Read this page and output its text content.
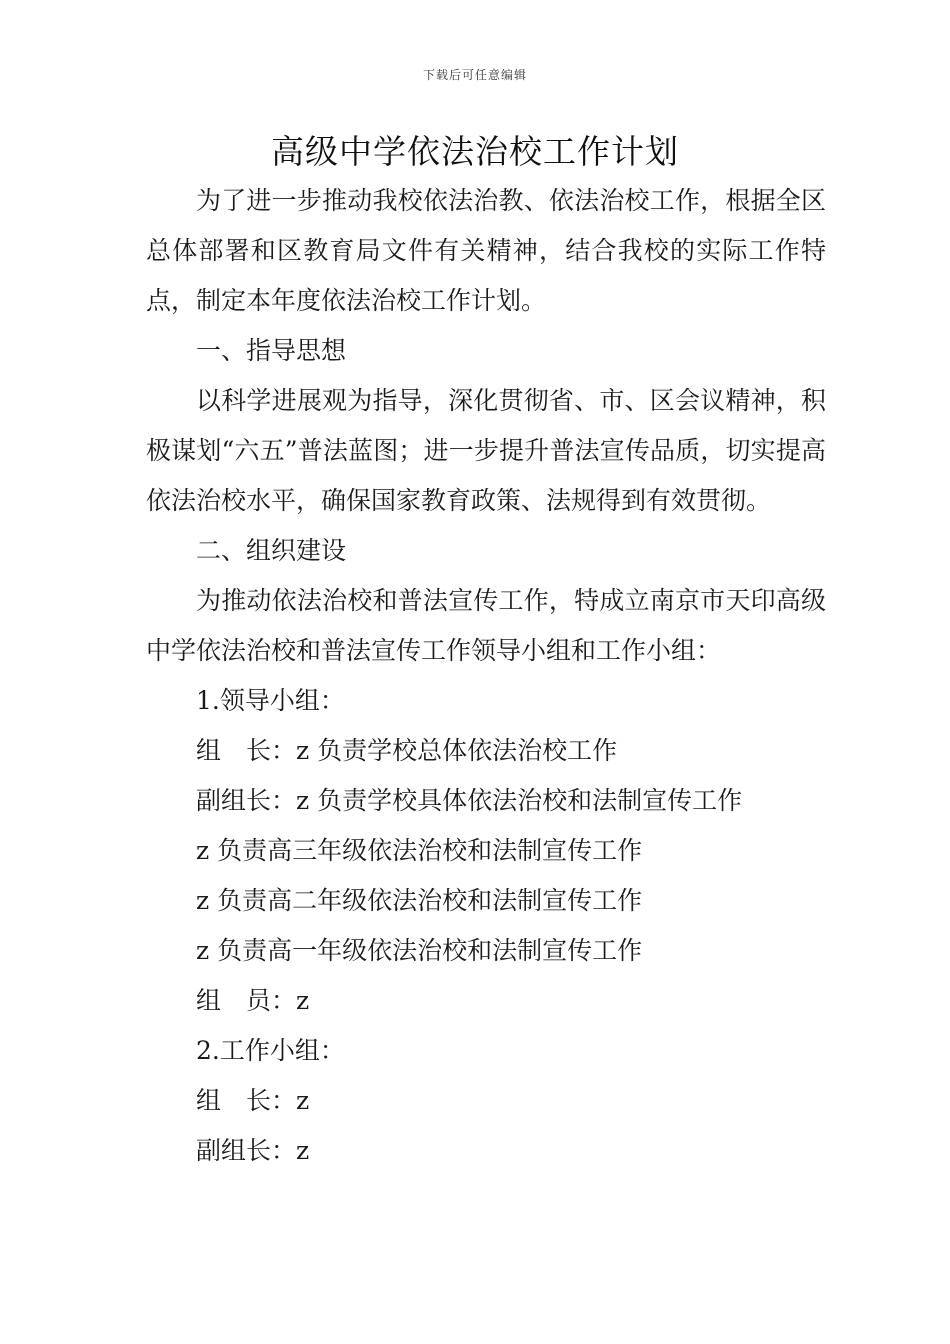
下载后可任意编辑
高级中学依法治校工作计划

为了进一步推动我校依法治教、依法治校工作，根据全区总体部署和区教育局文件有关精神，结合我校的实际工作特点，制定本年度依法治校工作计划。

一、指导思想

以科学进展观为指导，深化贯彻省、市、区会议精神，积极谋划“六五”普法蓝图；进一步提升普法宣传品质，切实提高依法治校水平，确保国家教育政策、法规得到有效贯彻。

二、组织建设

为推动依法治校和普法宣传工作，特成立南京市天印高级中学依法治校和普法宣传工作领导小组和工作小组：

1.领导小组：

组　长：z 负责学校总体依法治校工作

副组长：z 负责学校具体依法治校和法制宣传工作

z 负责高三年级依法治校和法制宣传工作

z 负责高二年级依法治校和法制宣传工作

z 负责高一年级依法治校和法制宣传工作

组　员：z

2.工作小组：

组　长：z

副组长：z
